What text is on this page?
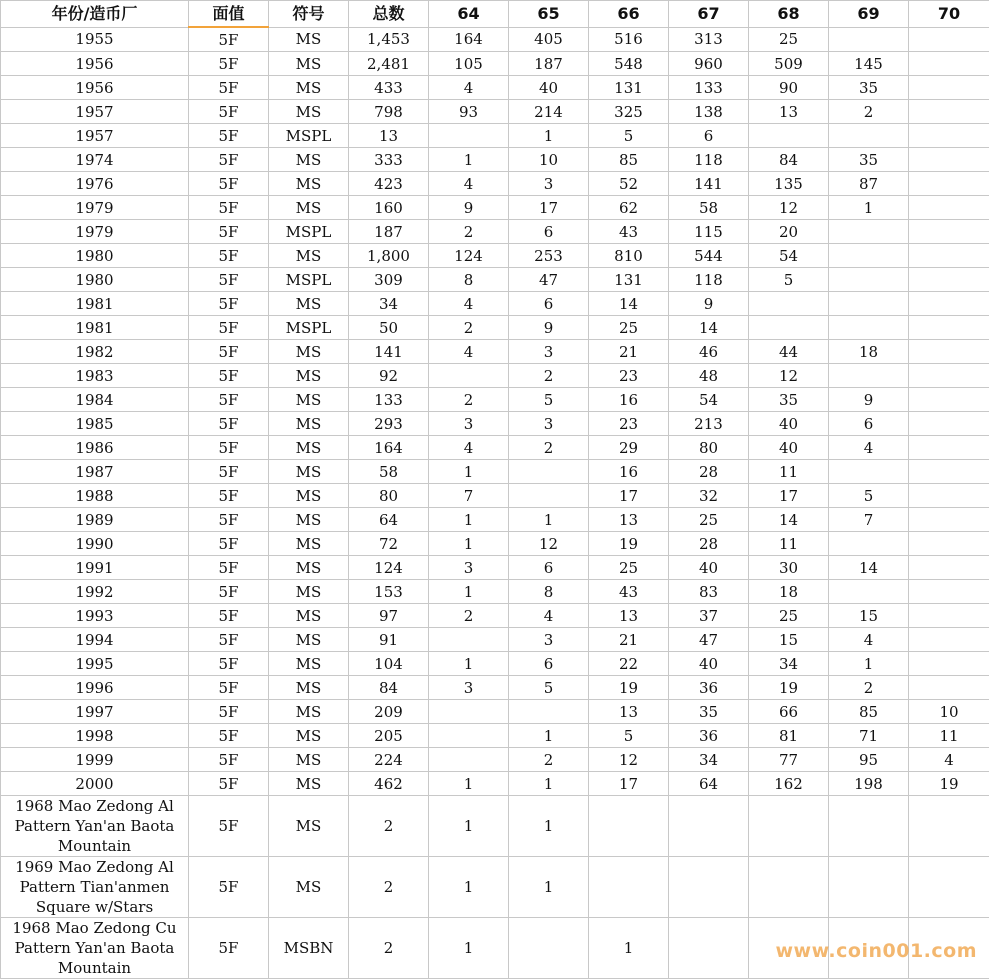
年份/造币厂	面值	符号	总数	64	65	66	67	68	69	70
1955	5F	MS	1,453	164	405	516	313	25		
1956	5F	MS	2,481	105	187	548	960	509	145	
1956	5F	MS	433	4	40	131	133	90	35	
1957	5F	MS	798	93	214	325	138	13	2	
1957	5F	MSPL	13		1	5	6			
1974	5F	MS	333	1	10	85	118	84	35	
1976	5F	MS	423	4	3	52	141	135	87	
1979	5F	MS	160	9	17	62	58	12	1	
1979	5F	MSPL	187	2	6	43	115	20		
1980	5F	MS	1,800	124	253	810	544	54		
1980	5F	MSPL	309	8	47	131	118	5		
1981	5F	MS	34	4	6	14	9			
1981	5F	MSPL	50	2	9	25	14			
1982	5F	MS	141	4	3	21	46	44	18	
1983	5F	MS	92		2	23	48	12		
1984	5F	MS	133	2	5	16	54	35	9	
1985	5F	MS	293	3	3	23	213	40	6	
1986	5F	MS	164	4	2	29	80	40	4	
1987	5F	MS	58	1		16	28	11		
1988	5F	MS	80	7		17	32	17	5	
1989	5F	MS	64	1	1	13	25	14	7	
1990	5F	MS	72	1	12	19	28	11		
1991	5F	MS	124	3	6	25	40	30	14	
1992	5F	MS	153	1	8	43	83	18		
1993	5F	MS	97	2	4	13	37	25	15	
1994	5F	MS	91		3	21	47	15	4	
1995	5F	MS	104	1	6	22	40	34	1	
1996	5F	MS	84	3	5	19	36	19	2	
1997	5F	MS	209			13	35	66	85	10
1998	5F	MS	205		1	5	36	81	71	11
1999	5F	MS	224		2	12	34	77	95	4
2000	5F	MS	462	1	1	17	64	162	198	19
1968 Mao Zedong Al Pattern Yan'an Baota Mountain	5F	MS	2	1	1					
1969 Mao Zedong Al Pattern Tian'anmen Square w/Stars	5F	MS	2	1	1					
1968 Mao Zedong Cu Pattern Yan'an Baota Mountain	5F	MSBN	2	1		1					www.coin001.com
